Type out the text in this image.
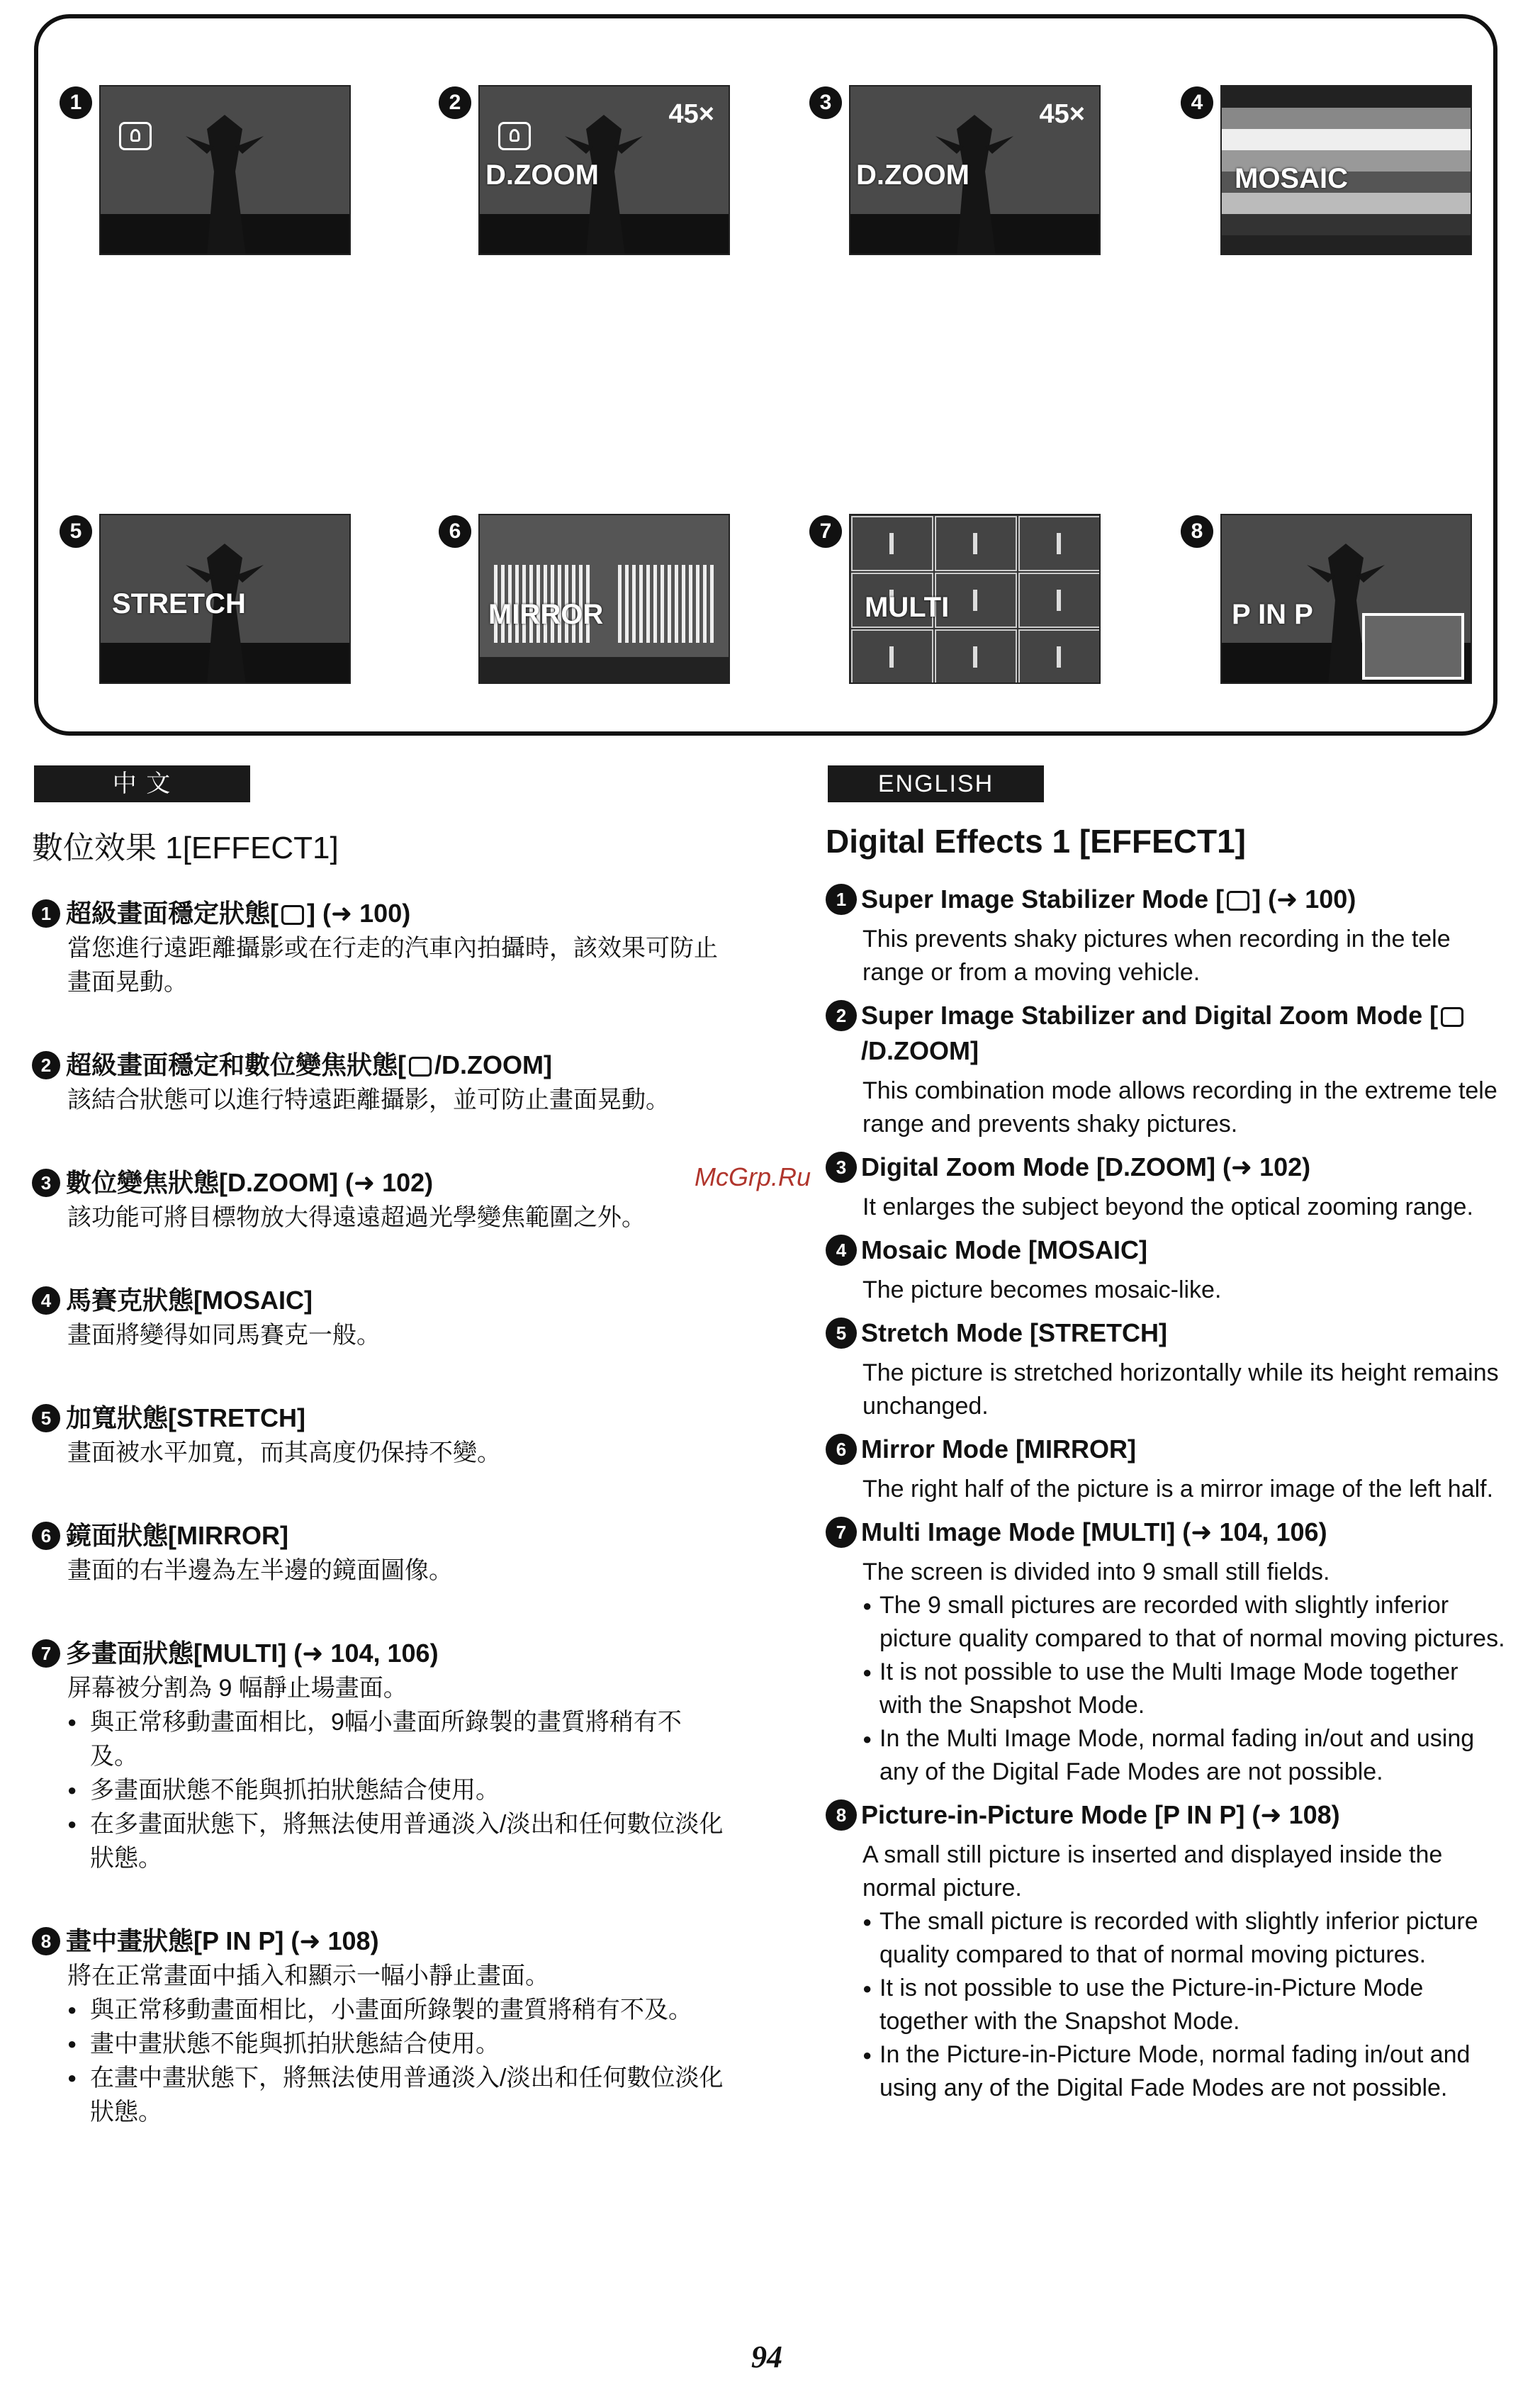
1	2	45×
D.ZOOM
3	45×
D.ZOOM
4
MOSAIC
5
STRETCH
6
MIRROR
7
MULTI
8
P IN P
中 文	ENGLISH
數位效果 1[EFFECT1]
1 超級畫面穩定狀態[ ] (➜ 100)
當您進行遠距離攝影或在行走的汽車內拍攝時，該效果可防止畫面晃動。
2 超級畫面穩定和數位變焦狀態[ /D.ZOOM]
該結合狀態可以進行特遠距離攝影，並可防止畫面晃動。
3 數位變焦狀態[D.ZOOM] (➜ 102)
該功能可將目標物放大得遠遠超過光學變焦範圍之外。
4 馬賽克狀態[MOSAIC]
畫面將變得如同馬賽克一般。
5 加寬狀態[STRETCH]
畫面被水平加寬，而其高度仍保持不變。
6 鏡面狀態[MIRROR]
畫面的右半邊為左半邊的鏡面圖像。
7 多畫面狀態[MULTI] (➜ 104, 106)
屏幕被分割為 9 幅靜止場畫面。
● 與正常移動畫面相比，9幅小畫面所錄製的畫質將稍有不及。
● 多畫面狀態不能與抓拍狀態結合使用。
● 在多畫面狀態下，將無法使用普通淡入/淡出和任何數位淡化狀態。
8 畫中畫狀態[P IN P] (➜ 108)
將在正常畫面中插入和顯示一幅小靜止畫面。
● 與正常移動畫面相比，小畫面所錄製的畫質將稍有不及。
● 畫中畫狀態不能與抓拍狀態結合使用。
● 在畫中畫狀態下，將無法使用普通淡入/淡出和任何數位淡化狀態。
Digital Effects 1 [EFFECT1]
1 Super Image Stabilizer Mode [ ] (➜ 100)
This prevents shaky pictures when recording in the tele range or from a moving vehicle.
2 Super Image Stabilizer and Digital Zoom Mode [/D.ZOOM]
This combination mode allows recording in the extreme tele range and prevents shaky pictures.
3 Digital Zoom Mode [D.ZOOM] (➜ 102)
It enlarges the subject beyond the optical zooming range.
4 Mosaic Mode [MOSAIC]
The picture becomes mosaic-like.
5 Stretch Mode [STRETCH]
The picture is stretched horizontally while its height remains unchanged.
6 Mirror Mode [MIRROR]
The right half of the picture is a mirror image of the left half.
7 Multi Image Mode [MULTI] (➜ 104, 106)
The screen is divided into 9 small still fields.
● The 9 small pictures are recorded with slightly inferior picture quality compared to that of normal moving pictures.
● It is not possible to use the Multi Image Mode together with the Snapshot Mode.
● In the Multi Image Mode, normal fading in/out and using any of the Digital Fade Modes are not possible.
8 Picture-in-Picture Mode [P IN P] (➜ 108)
A small still picture is inserted and displayed inside the normal picture.
● The small picture is recorded with slightly inferior picture quality compared to that of normal moving pictures.
● It is not possible to use the Picture-in-Picture Mode together with the Snapshot Mode.
● In the Picture-in-Picture Mode, normal fading in/out and using any of the Digital Fade Modes are not possible.
McGrp.Ru
94
